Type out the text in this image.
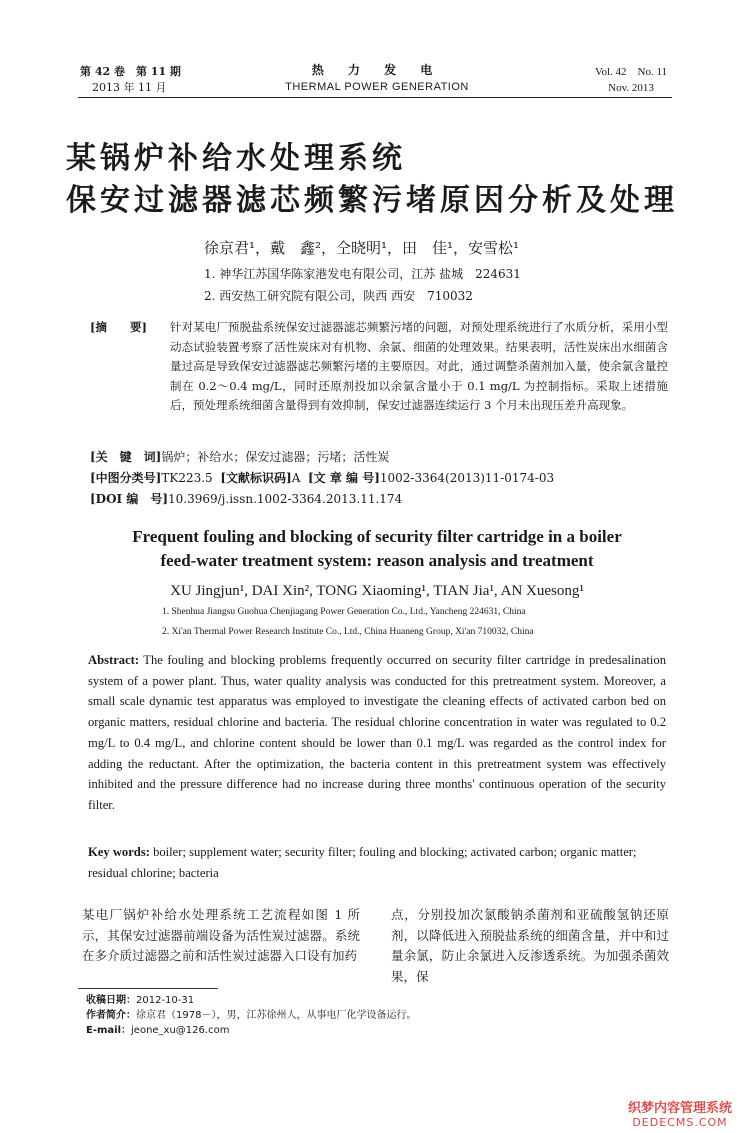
第 42 卷　第 11 期
2013 年 11 月
热 力 发 电
THERMAL POWER GENERATION
Vol. 42　No. 11
Nov. 2013
某锅炉补给水处理系统
保安过滤器滤芯频繁污堵原因分析及处理
徐京君¹，戴　鑫²，仝晓明¹，田　佳¹，安雪松¹
1. 神华江苏国华陈家港发电有限公司，江苏 盐城　224631
2. 西安热工研究院有限公司，陕西 西安　710032
[摘　　要]	针对某电厂预脱盐系统保安过滤器滤芯频繁污堵的问题，对预处理系统进行了水质分析，采用小型动态试验装置考察了活性炭床对有机物、余氯、细菌的处理效果。结果表明，活性炭床出水细菌含量过高是导致保安过滤器滤芯频繁污堵的主要原因。对此，通过调整杀菌剂加入量，使余氯含量控制在 0.2～0.4 mg/L，同时还原剂投加以余氯含量小于 0.1 mg/L 为控制指标。采取上述措施后，预处理系统细菌含量得到有效抑制，保安过滤器连续运行 3 个月未出现压差升高现象。
[关　键　词]锅炉；补给水；保安过滤器；污堵；活性炭
[中图分类号]TK223.5 [文献标识码]A [文 章 编 号]1002-3364(2013)11-0174-03
[DOI 编　号]10.3969/j.issn.1002-3364.2013.11.174
Frequent fouling and blocking of security filter cartridge in a boiler
feed-water treatment system: reason analysis and treatment
XU Jingjun¹, DAI Xin², TONG Xiaoming¹, TIAN Jia¹, AN Xuesong¹
1. Shenhua Jiangsu Guohua Chenjiagang Power Generation Co., Ltd., Yancheng 224631, China
2. Xi'an Thermal Power Research Institute Co., Ltd., China Huaneng Group, Xi'an 710032, China
Abstract: The fouling and blocking problems frequently occurred on security filter cartridge in predesalination system of a power plant. Thus, water quality analysis was conducted for this pretreatment system. Moreover, a small scale dynamic test apparatus was employed to investigate the cleaning effects of activated carbon bed on organic matters, residual chlorine and bacteria. The residual chlorine concentration in water was regulated to 0.2 mg/L to 0.4 mg/L, and chlorine content should be lower than 0.1 mg/L was regarded as the control index for adding the reductant. After the optimization, the bacteria content in this pretreatment system was effectively inhibited and the pressure difference had no increase during three months' continuous operation of the security filter.
Key words: boiler; supplement water; security filter; fouling and blocking; activated carbon; organic matter; residual chlorine; bacteria
某电厂锅炉补给水处理系统工艺流程如图 1 所示，其保安过滤器前端设备为活性炭过滤器。系统在多介质过滤器之前和活性炭过滤器入口设有加药
点，分别投加次氯酸钠杀菌剂和亚硫酸氢钠还原剂，以降低进入预脱盐系统的细菌含量，并中和过量余氯，防止余氯进入反渗透系统。为加强杀菌效果，保
收稿日期：2012-10-31
作者简介：徐京君（1978－），男，江苏徐州人，从事电厂化学设备运行。
E-mail：jeone_xu@126.com
织梦内容管理系统
DEDECMS.COM
